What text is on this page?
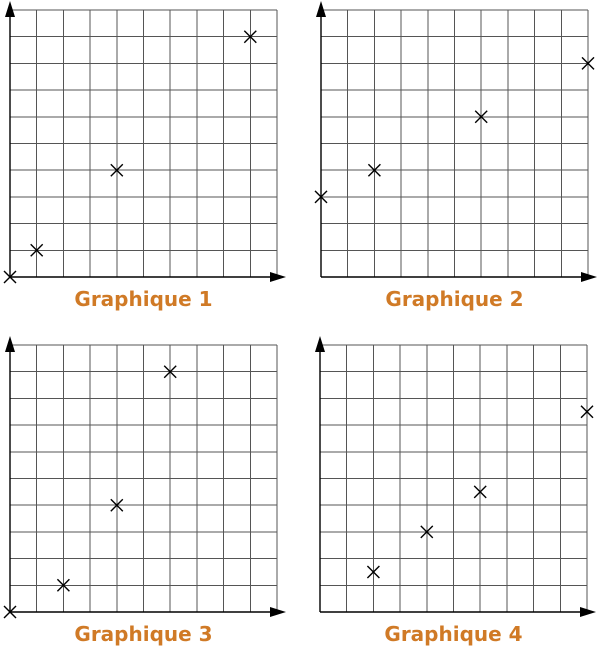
Graphique 1	Graphique 2
Graphique 3	Graphique 4
